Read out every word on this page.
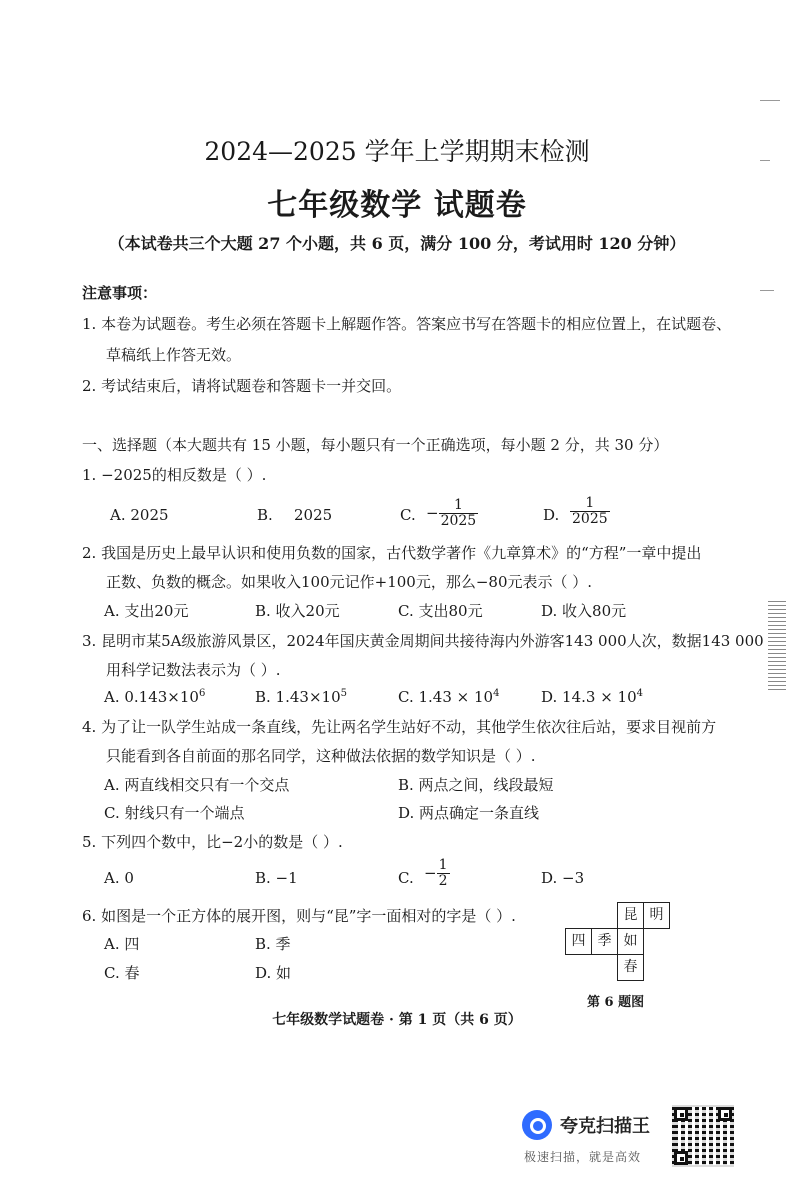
2024—2025 学年上学期期末检测
七年级数学 试题卷
（本试卷共三个大题 27 个小题，共 6 页，满分 100 分，考试用时 120 分钟）
注意事项：
1. 本卷为试题卷。考生必须在答题卡上解题作答。答案应书写在答题卡的相应位置上，在试题卷、
草稿纸上作答无效。
2. 考试结束后，请将试题卷和答题卡一并交回。
一、选择题（本大题共有 15 小题，每小题只有一个正确选项，每小题 2 分，共 30 分）
1. −2025的相反数是（ ）.
A. 2025	B. 2025	C. − $\frac{1}{2025}$	D. $\frac{1}{2025}$
2. 我国是历史上最早认识和使用负数的国家，古代数学著作《九章算术》的“方程”一章中提出
正数、负数的概念。如果收入100元记作+100元，那么−80元表示（ ）.
A. 支出20元	B. 收入20元	C. 支出80元	D. 收入80元
3. 昆明市某5A级旅游风景区，2024年国庆黄金周期间共接待海内外游客143 000人次，数据143 000
用科学记数法表示为（ ）.
A. $0.143\times 10^6$	B. $1.43\times 10^5$	C. $1.43 \times 10^4$	D. $14.3 \times 10^4$
4. 为了让一队学生站成一条直线，先让两名学生站好不动，其他学生依次往后站，要求目视前方
只能看到各自前面的那名同学，这种做法依据的数学知识是（ ）.
A. 两直线相交只有一个交点	B. 两点之间，线段最短
C. 射线只有一个端点	D. 两点确定一条直线
5. 下列四个数中，比−2小的数是（ ）.
A. 0	B. −1	C. − $\frac{1}{2}$	D. −3
6. 如图是一个正方体的展开图，则与“昆”字一面相对的字是（ ）.
A. 四	B. 季
C. 春	D. 如
昆 明
四 季 如
春
第 6 题图
七年级数学试题卷 · 第 1 页（共 6 页）
夸克扫描王
极速扫描，就是高效
